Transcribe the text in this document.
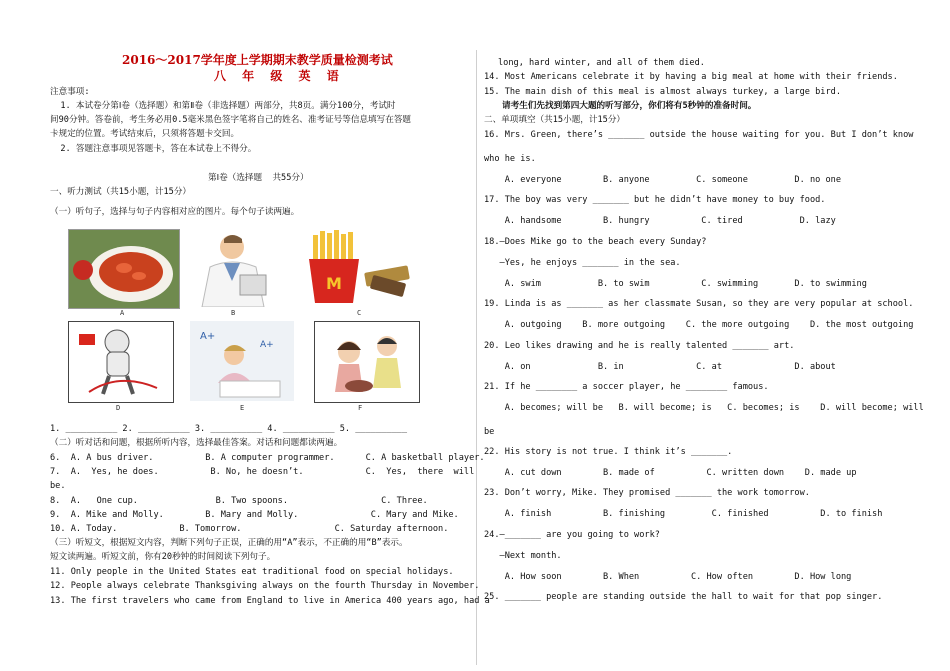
2016～2017学年度上学期期末教学质量检测考试
八 年 级 英 语
注意事项:
1. 本试卷分第Ⅰ卷（选择题）和第Ⅱ卷（非选择题）两部分，共8页。满分100分，考试时
间90分钟。答卷前，考生务必用0.5毫米黑色签字笔将自己的姓名、准考证号等信息填写在答题
卡规定的位置。考试结束后，只须将答题卡交回。
2. 答题注意事项见答题卡，答在本试卷上不得分。
第Ⅰ卷（选择题  共55分）
一、听力测试（共15小题，计15分）
（一）听句子，选择与句子内容相对应的图片。每个句子读两遍。
A	B
M
C
D
A+
A+
E	F
1. __________ 2. __________ 3. __________ 4. __________ 5. __________
（二）听对话和问题，根据所听内容，选择最佳答案。对话和问题都读两遍。
6.  A. A bus driver.          B. A computer programmer.      C. A basketball player.
7.  A.  Yes, he does.          B. No, he doesn’t.            C.  Yes,  there  will
be.
8.  A.   One cup.               B. Two spoons.                  C. Three.
9.  A. Mike and Molly.        B. Mary and Molly.              C. Mary and Mike.
10. A. Today.            B. Tomorrow.                  C. Saturday afternoon.
（三）听短文，根据短文内容，判断下列句子正误，正确的用“A”表示，不正确的用“B”表示。
短文读两遍。听短文前，你有20秒钟的时间阅读下列句子。
11. Only people in the United States eat traditional food on special holidays.
12. People always celebrate Thanksgiving always on the fourth Thursday in November.
13. The first travelers who came from England to live in America 400 years ago, had a
long, hard winter, and all of them died.
14. Most Americans celebrate it by having a big meal at home with their friends.
15. The main dish of this meal is almost always turkey, a large bird.
请考生们先找到第四大题的听写部分，你们将有5秒钟的准备时间。
二、单项填空（共15小题，计15分）
16. Mrs. Green, there’s _______ outside the house waiting for you. But I don’t know
who he is.
A. everyone        B. anyone         C. someone         D. no one
17. The boy was very _______ but he didn’t have money to buy food.
A. handsome        B. hungry          C. tired           D. lazy
18.—Does Mike go to the beach every Sunday?
—Yes, he enjoys _______ in the sea.
A. swim           B. to swim          C. swimming       D. to swimming
19. Linda is as _______ as her classmate Susan, so they are very popular at school.
A. outgoing    B. more outgoing    C. the more outgoing    D. the most outgoing
20. Leo likes drawing and he is really talented _______ art.
A. on             B. in              C. at              D. about
21. If he ________ a soccer player, he ________ famous.
A. becomes; will be   B. will become; is   C. becomes; is    D. will become; will
be
22. His story is not true. I think it’s _______.
A. cut down        B. made of          C. written down    D. made up
23. Don’t worry, Mike. They promised _______ the work tomorrow.
A. finish          B. finishing         C. finished          D. to finish
24.—_______ are you going to work?
—Next month.
A. How soon        B. When          C. How often        D. How long
25. _______ people are standing outside the hall to wait for that pop singer.
